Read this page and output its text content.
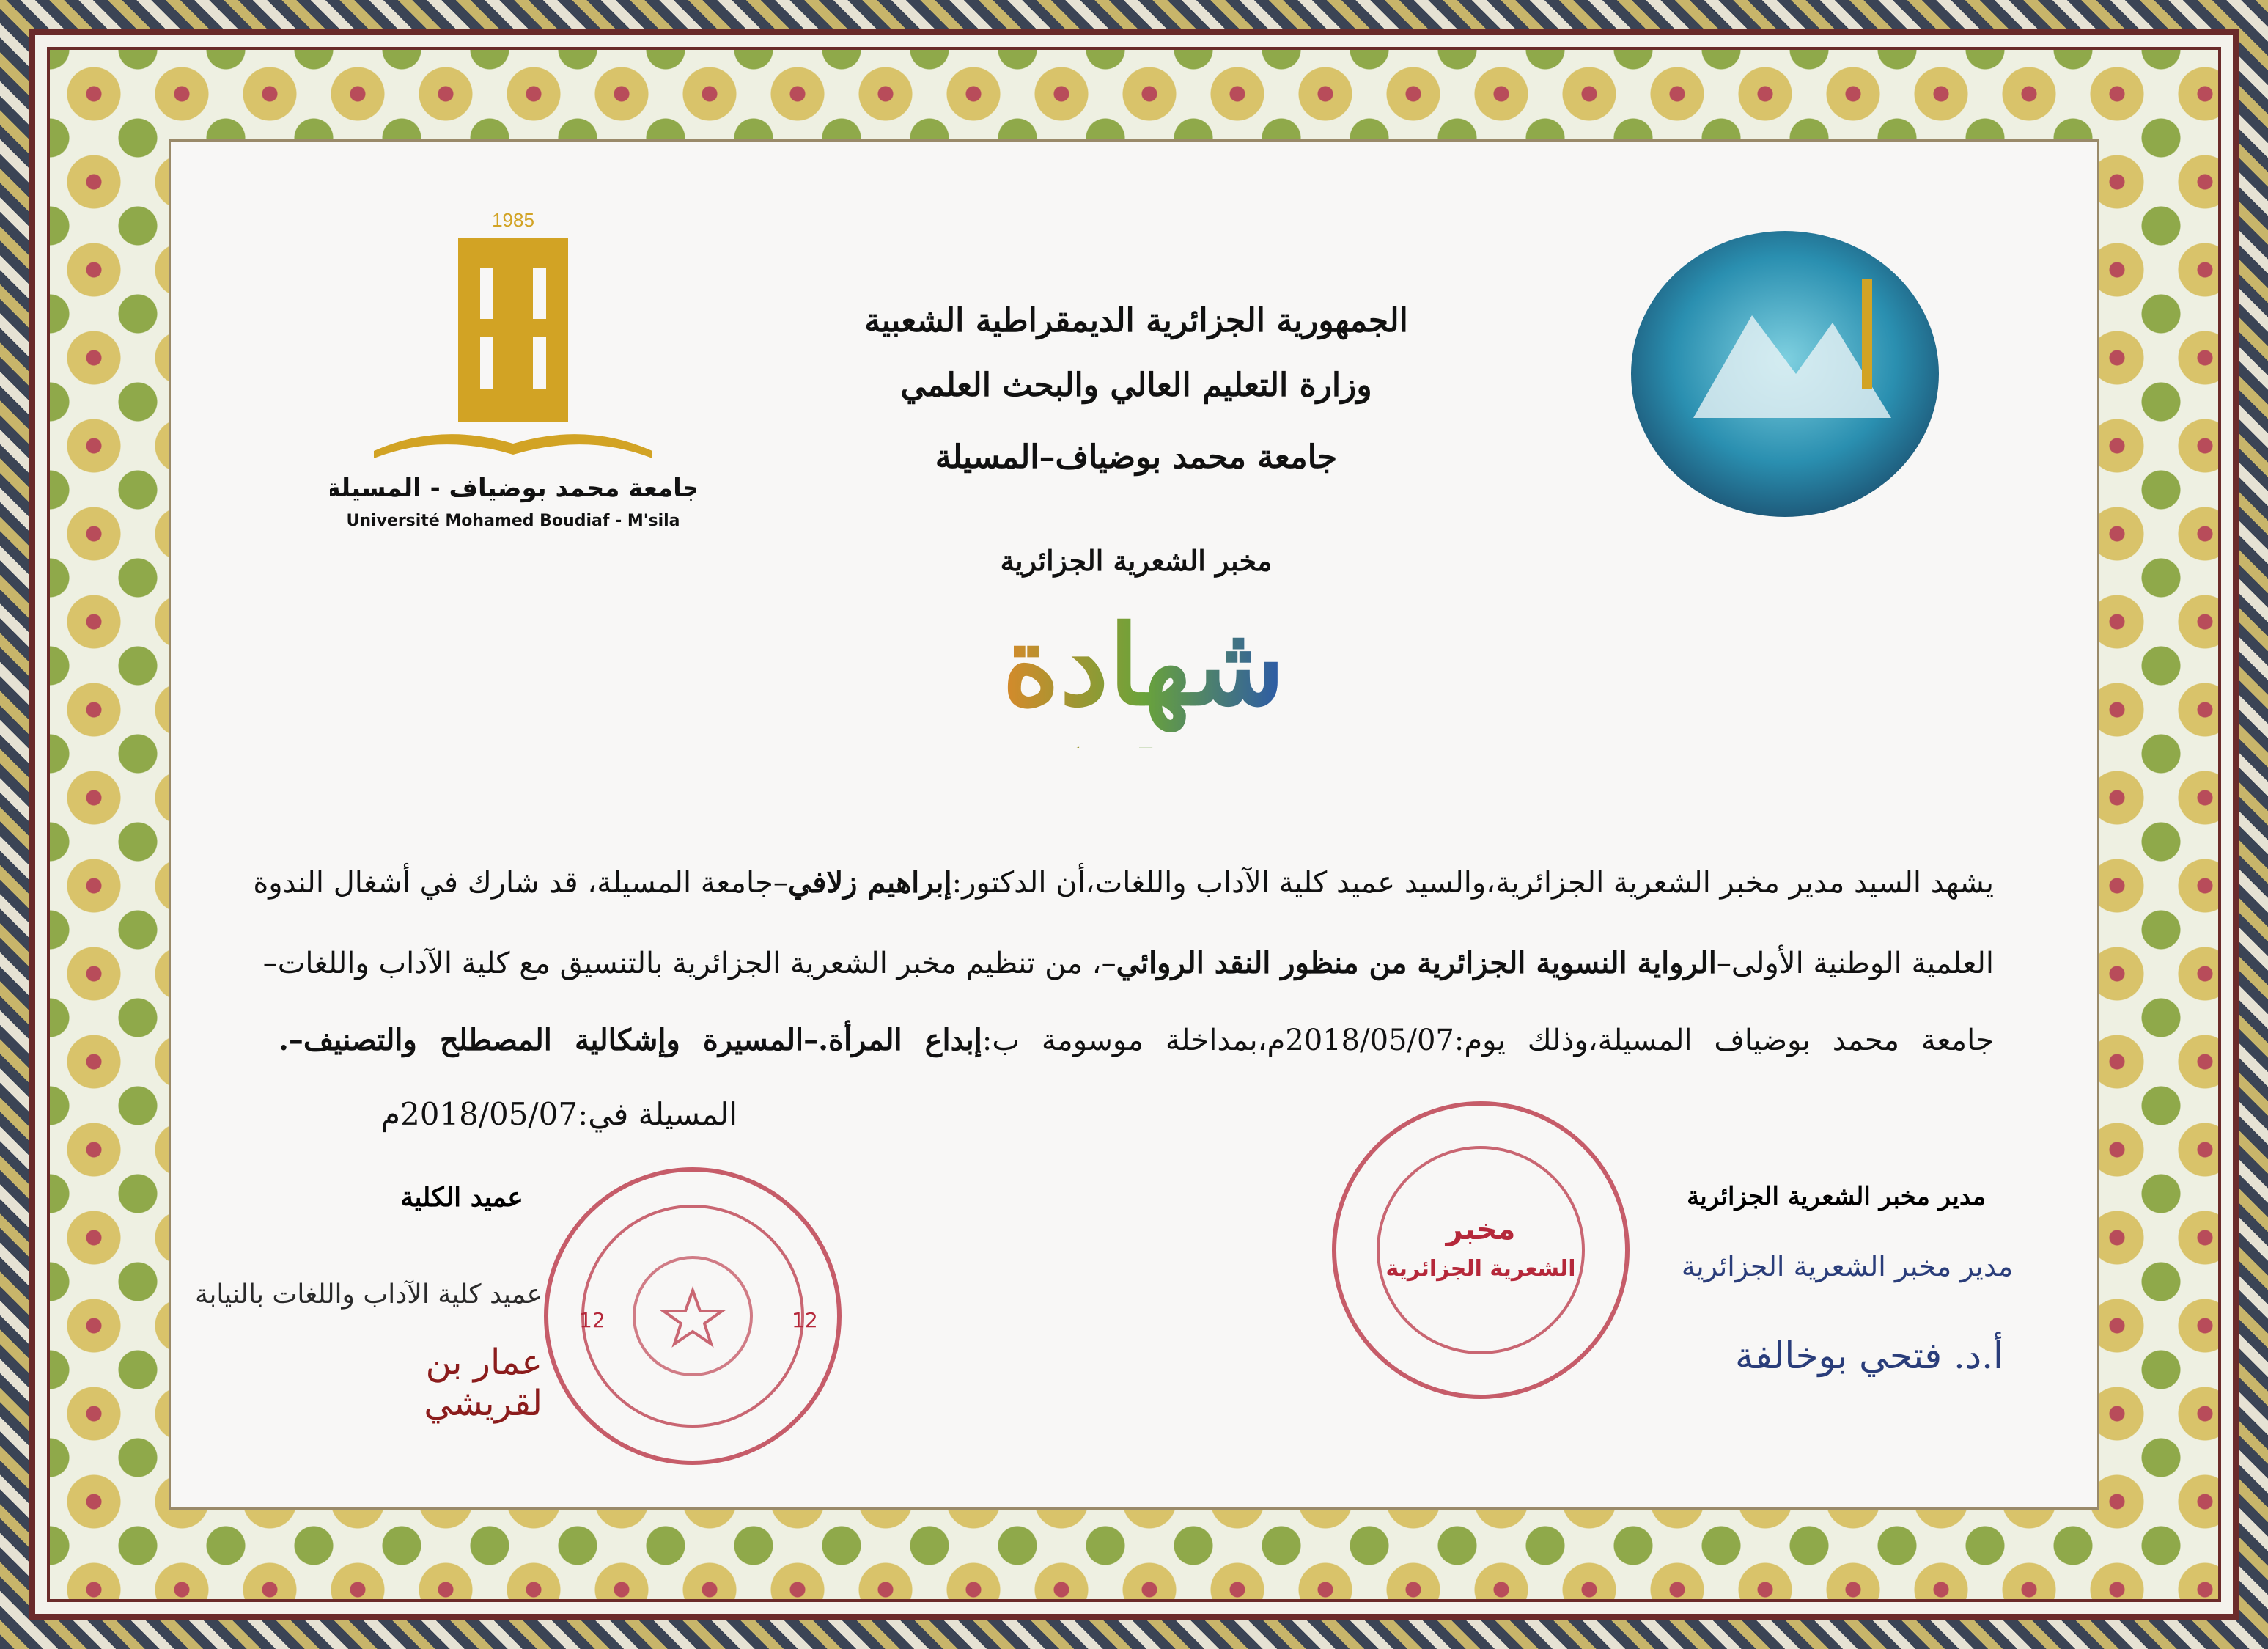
1985
جامعة محمد بوضياف - المسيلة
Université Mohamed Boudiaf - M'sila
الجمهورية الجزائرية الديمقراطية الشعبية
وزارة التعليم العالي والبحث العلمي
جامعة محمد بوضياف–المسيلة
مخبر الشعرية الجزائرية
شهادة مشاركة
يشهد السيد مدير مخبر الشعرية الجزائرية،والسيد عميد كلية الآداب واللغات،أن الدكتور:إبراهيم زلافي–جامعة المسيلة، قد شارك في أشغال الندوة
العلمية الوطنية الأولى–الرواية النسوية الجزائرية من منظور النقد الروائي–، من تنظيم مخبر الشعرية الجزائرية بالتنسيق مع كلية الآداب واللغات–
جامعة محمد بوضياف المسيلة،وذلك يوم:2018/05/07م،بمداخلة موسومة ب:إبداع المرأة.–المسيرة وإشكالية المصطلح والتصنيف–.
المسيلة في:2018/05/07م
عميد الكلية	مدير مخبر الشعرية الجزائرية
عميد كلية الآداب واللغات بالنيابة
عمار بن لقريشي
مدير مخبر الشعرية الجزائرية
أ.د. فتحي بوخالفة
12	12
مخبر
الشعرية الجزائرية
